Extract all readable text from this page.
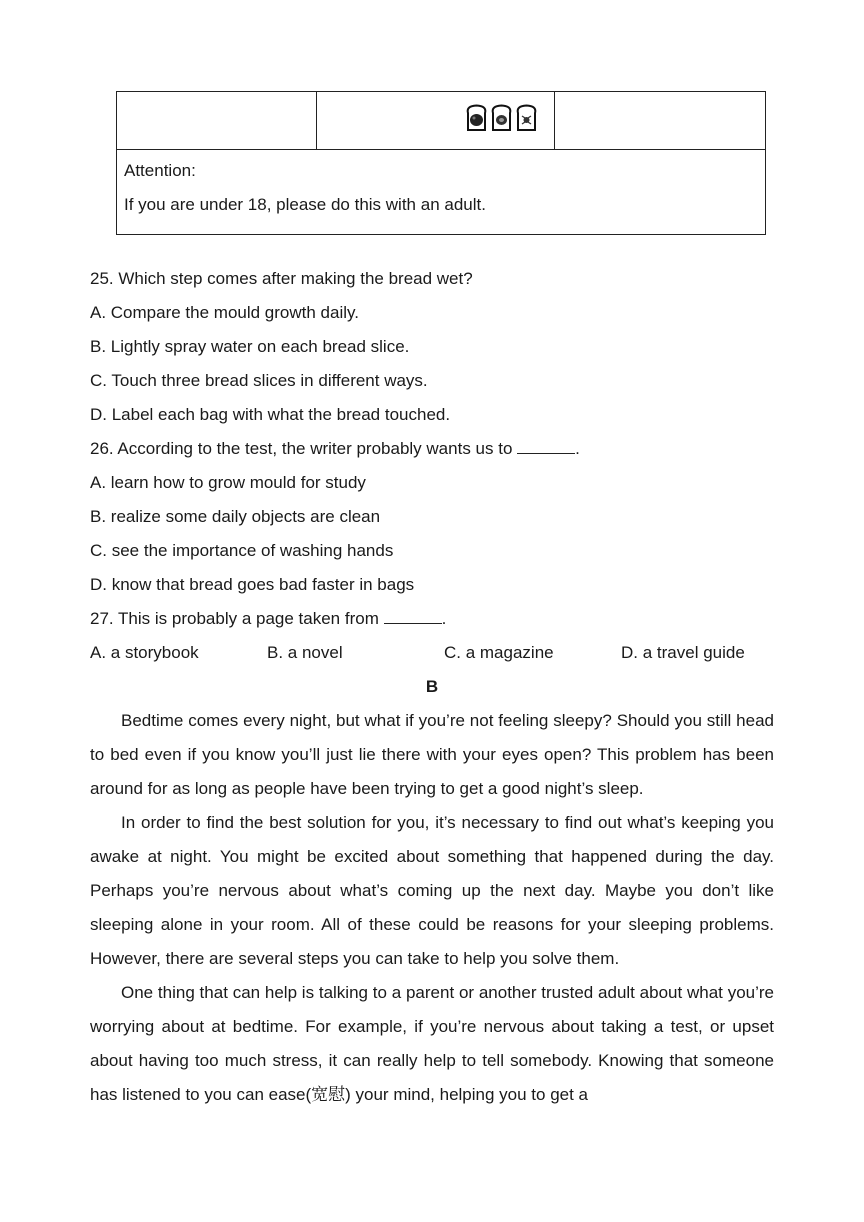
Attention:

If you are under 18, please do this with an adult.

25. Which step comes after making the bread wet?
A. Compare the mould growth daily.
B. Lightly spray water on each bread slice.
C. Touch three bread slices in different ways.
D. Label each bag with what the bread touched.
26. According to the test, the writer probably wants us to	.
A. learn how to grow mould for study
B. realize some daily objects are clean
C. see the importance of washing hands
D. know that bread goes bad faster in bags
27. This is probably a page taken from	.
A. a storybook	B. a novel	C. a magazine	D. a travel guide
B

Bedtime comes every night, but what if you’re not feeling sleepy? Should you still head to bed even if you know you’ll just lie there with your eyes open? This problem has been around for as long as people have been trying to get a good night’s sleep.

In order to find the best solution for you, it’s necessary to find out what’s keeping you awake at night. You might be excited about something that happened during the day. Perhaps you’re nervous about what’s coming up the next day. Maybe you don’t like sleeping alone in your room. All of these could be reasons for your sleeping problems. However, there are several steps you can take to help you solve them.

One thing that can help is talking to a parent or another trusted adult about what you’re worrying about at bedtime. For example, if you’re nervous about taking a test, or upset about having too much stress, it can really help to tell somebody. Knowing that someone has listened to you can ease(宽慰) your mind, helping you to get a
